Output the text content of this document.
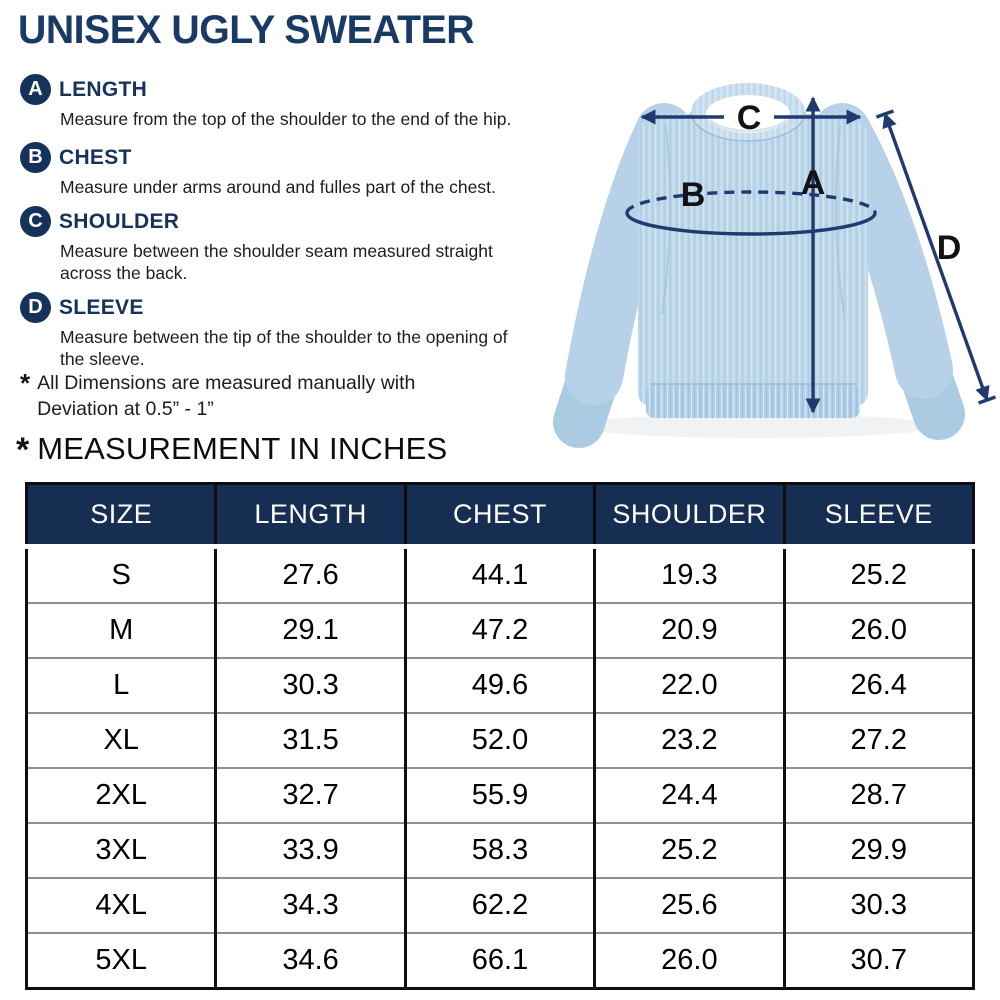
UNISEX UGLY SWEATER
A LENGTH
Measure from the top of the shoulder to the end of the hip.
B CHEST
Measure under arms around and fulles part of the chest.
C SHOULDER
Measure between the shoulder seam measured straight across the back.
D SLEEVE
Measure between the tip of the shoulder to the opening of the sleeve.
* All Dimensions are measured manually with Deviation at 0.5” - 1”
* MEASUREMENT IN INCHES
C
A
B
D
SIZE	LENGTH	CHEST	SHOULDER	SLEEVE
S	27.6	44.1	19.3	25.2
M	29.1	47.2	20.9	26.0
L	30.3	49.6	22.0	26.4
XL	31.5	52.0	23.2	27.2
2XL	32.7	55.9	24.4	28.7
3XL	33.9	58.3	25.2	29.9
4XL	34.3	62.2	25.6	30.3
5XL	34.6	66.1	26.0	30.7
